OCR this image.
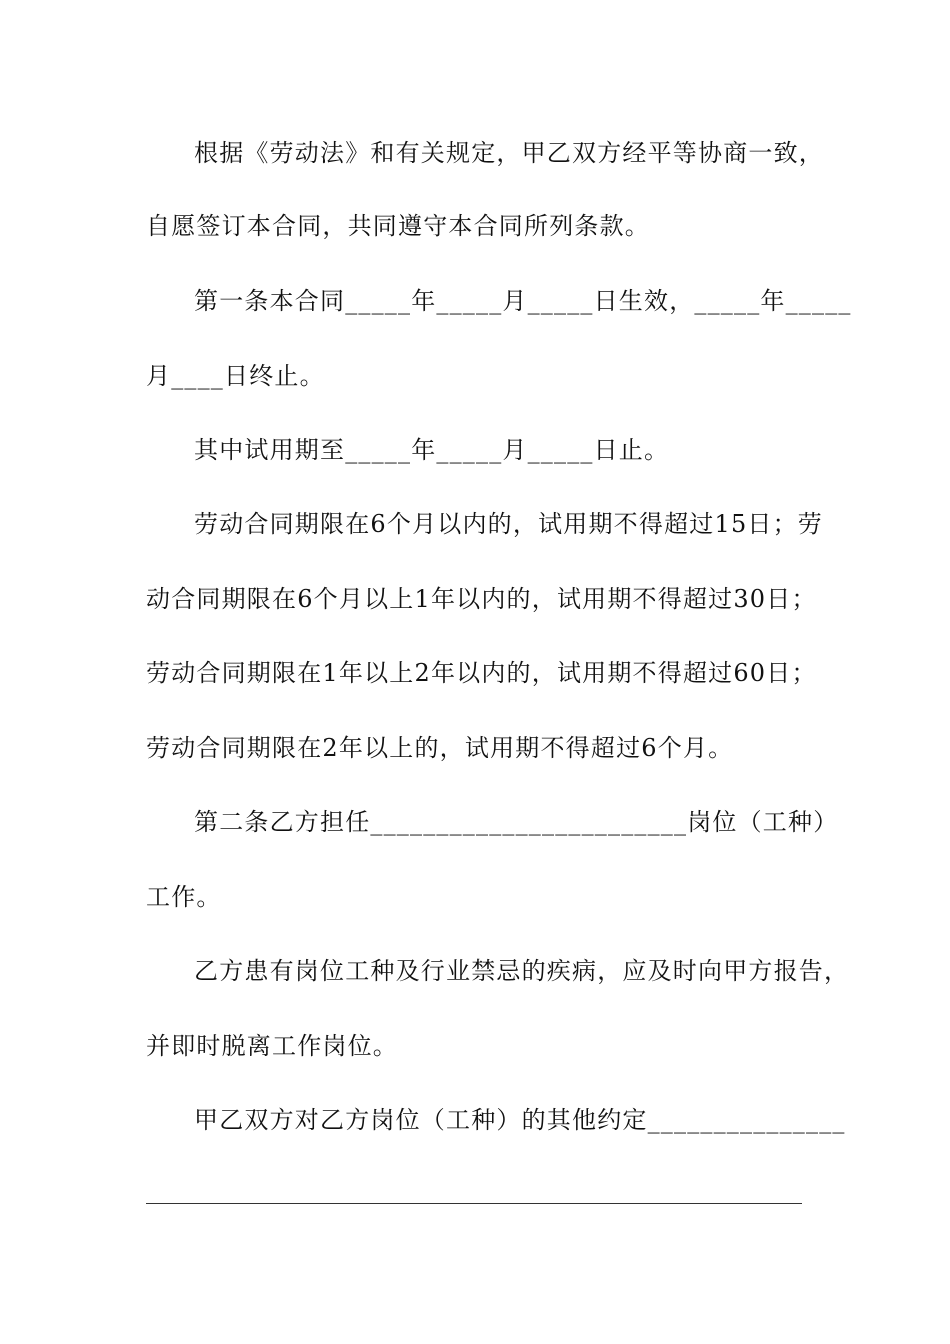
根据《劳动法》和有关规定，甲乙双方经平等协商一致，
自愿签订本合同，共同遵守本合同所列条款。
第一条本合同_____年_____月_____日生效，_____年_____
月____日终止。
其中试用期至_____年_____月_____日止。
劳动合同期限在6个月以内的，试用期不得超过15日；劳
动合同期限在6个月以上1年以内的，试用期不得超过30日；
劳动合同期限在1年以上2年以内的，试用期不得超过60日；
劳动合同期限在2年以上的，试用期不得超过6个月。
第二条乙方担任________________________岗位（工种）
工作。
乙方患有岗位工种及行业禁忌的疾病，应及时向甲方报告，
并即时脱离工作岗位。
甲乙双方对乙方岗位（工种）的其他约定_______________
